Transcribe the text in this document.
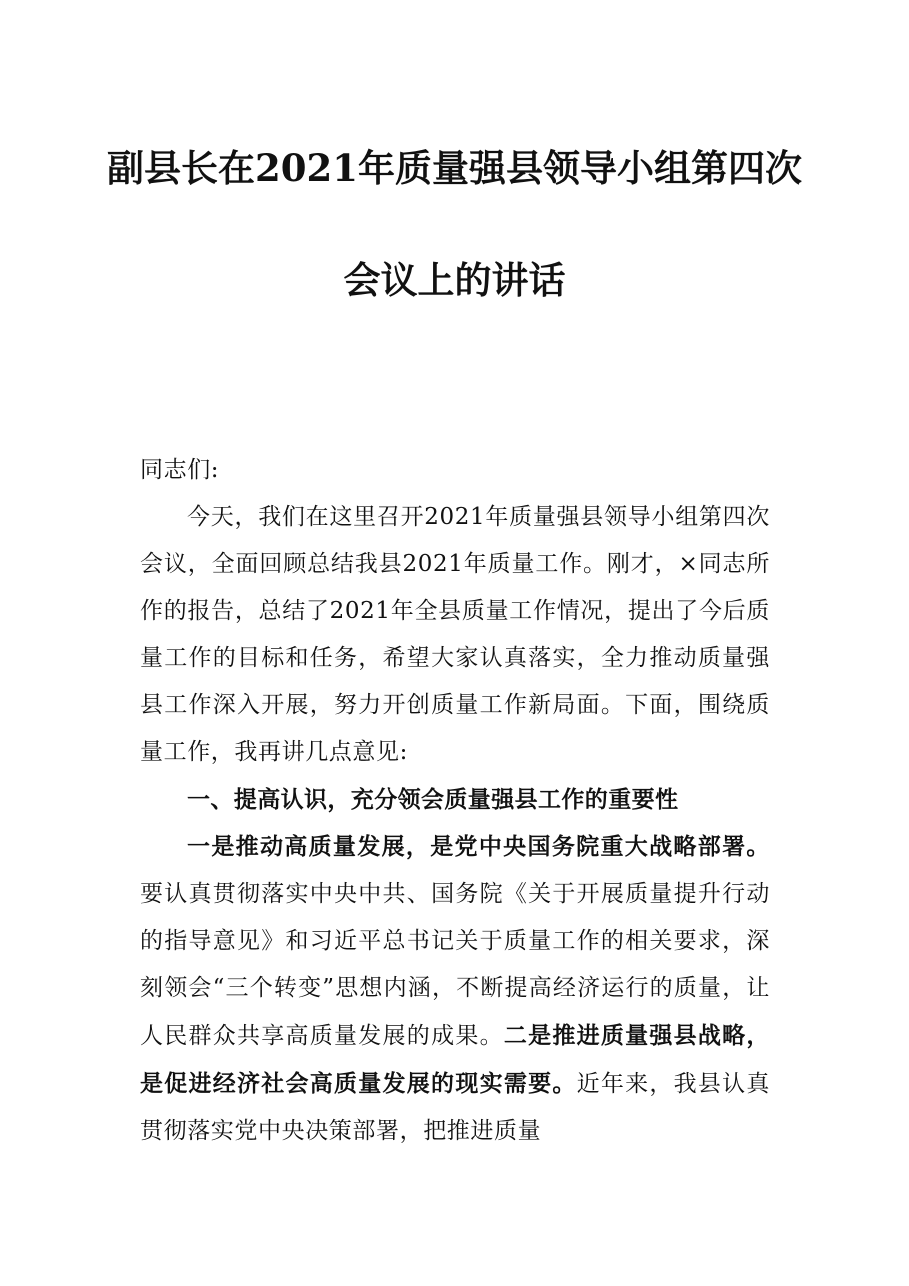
副县长在2021年质量强县领导小组第四次
会议上的讲话

同志们:

今天，我们在这里召开2021年质量强县领导小组第四次会议，全面回顾总结我县2021年质量工作。刚才，×同志所作的报告，总结了2021年全县质量工作情况，提出了今后质量工作的目标和任务，希望大家认真落实，全力推动质量强县工作深入开展，努力开创质量工作新局面。下面，围绕质量工作，我再讲几点意见:

一、提高认识，充分领会质量强县工作的重要性

一是推动高质量发展，是党中央国务院重大战略部署。要认真贯彻落实中央中共、国务院《关于开展质量提升行动的指导意见》和习近平总书记关于质量工作的相关要求，深刻领会“三个转变”思想内涵，不断提高经济运行的质量，让人民群众共享高质量发展的成果。二是推进质量强县战略，是促进经济社会高质量发展的现实需要。近年来，我县认真贯彻落实党中央决策部署，把推进质量
